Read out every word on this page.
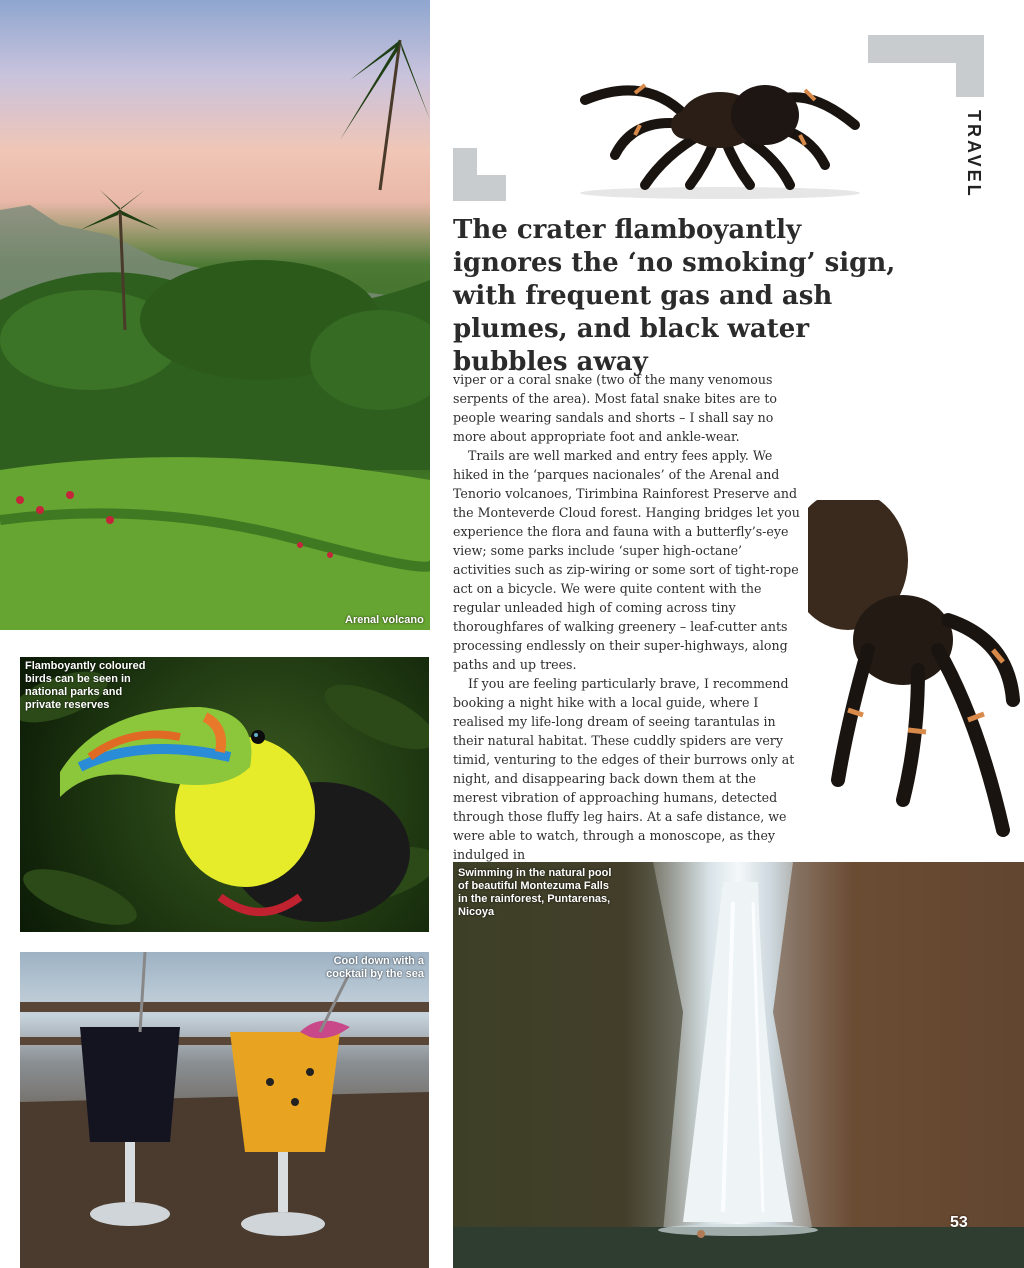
Arenal volcano
Flamboyantly coloured birds can be seen in national parks and private reserves
Cool down with a cocktail by the sea
Swimming in the natural pool of beautiful Montezuma Falls in the rainforest, Puntarenas, Nicoya
TRAVEL
The crater flamboyantly ignores the ‘no smoking’ sign, with frequent gas and ash plumes, and black water bubbles away

viper or a coral snake (two of the many venomous serpents of the area). Most fatal snake bites are to people wearing sandals and shorts – I shall say no more about appropriate foot and ankle-wear.

Trails are well marked and entry fees apply. We hiked in the ‘parques nacionales’ of the Arenal and Tenorio volcanoes, Tirimbina Rainforest Preserve and the Monteverde Cloud forest. Hanging bridges let you experience the flora and fauna with a butterfly’s-eye view; some parks include ‘super high-octane’ activities such as zip-wiring or some sort of tight-rope act on a bicycle. We were quite content with the regular unleaded high of coming across tiny thoroughfares of walking greenery – leaf-cutter ants processing endlessly on their super-highways, along paths and up trees.

If you are feeling particularly brave, I recommend booking a night hike with a local guide, where I realised my life-long dream of seeing tarantulas in their natural habitat. These cuddly spiders are very timid, venturing to the edges of their burrows only at night, and disappearing back down them at the merest vibration of approaching humans, detected through those fluffy leg hairs. At a safe distance, we were able to watch, through a monoscope, as they indulged in

53
